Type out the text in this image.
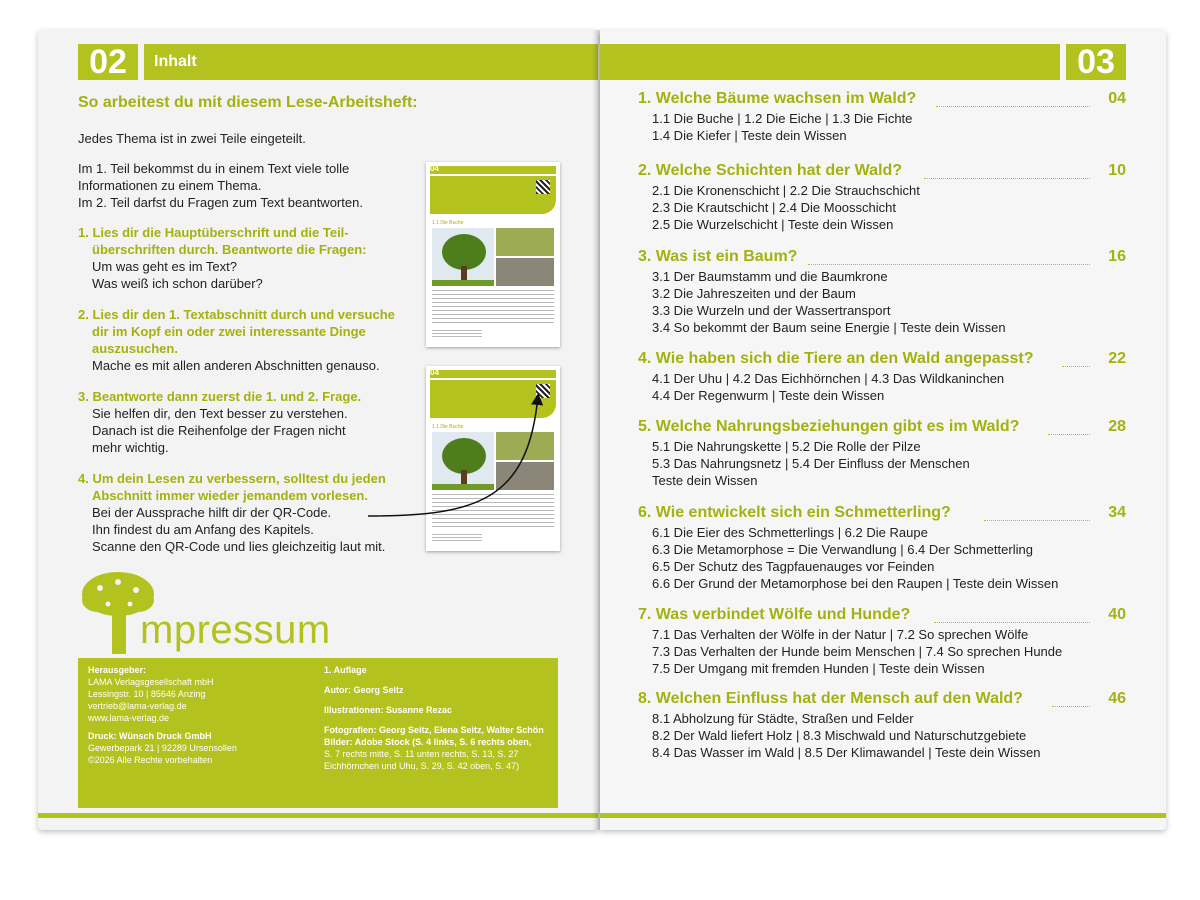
02	Inhalt
So arbeitest du mit diesem Lese-Arbeitsheft:

Jedes Thema ist in zwei Teile eingeteilt.

Im 1. Teil bekommst du in einem Text viele tolle

Informationen zu einem Thema.

Im 2. Teil darfst du Fragen zum Text beantworten.

1. Lies dir die Hauptüberschrift und die Teil-
überschriften durch. Beantworte die Fragen:
Um was geht es im Text?
Was weiß ich schon darüber?
2. Lies dir den 1. Textabschnitt durch und versuche
dir im Kopf ein oder zwei interessante Dinge
auszusuchen.
Mache es mit allen anderen Abschnitten genauso.
3. Beantworte dann zuerst die 1. und 2. Frage.
Sie helfen dir, den Text besser zu verstehen.
Danach ist die Reihenfolge der Fragen nicht
mehr wichtig.
4. Um dein Lesen zu verbessern, solltest du jeden
Abschnitt immer wieder jemandem vorlesen.
Bei der Aussprache hilft dir der QR-Code.
Ihn findest du am Anfang des Kapitels.
Scanne den QR-Code und lies gleichzeitig laut mit.
04
1.1 Die Buche
04
1.1 Die Buche
mpressum
Herausgeber:
LAMA Verlagsgesellschaft mbH
Lessingstr. 10 | 85646 Anzing
vertrieb@lama-verlag.de
www.lama-verlag.de
Druck: Wünsch Druck GmbH
Gewerbepark 21 | 92289 Ursensollen
©2026 Alle Rechte vorbehalten
1. Auflage
Autor: Georg Seitz
Illustrationen: Susanne Rezac
Fotografien: Georg Seitz, Elena Seitz, Walter Schön
Bilder: Adobe Stock (S. 4 links, S. 6 rechts oben,
S. 7 rechts mitte, S. 11 unten rechts, S. 13, S. 27
Eichhörnchen und Uhu, S. 29, S. 42 oben, S. 47)
03
1. Welche Bäume wachsen im Wald?	04
1.1 Die Buche | 1.2 Die Eiche | 1.3 Die Fichte
1.4 Die Kiefer | Teste dein Wissen
2. Welche Schichten hat der Wald?	10
2.1 Die Kronenschicht | 2.2 Die Strauchschicht
2.3 Die Krautschicht | 2.4 Die Moosschicht
2.5 Die Wurzelschicht | Teste dein Wissen
3. Was ist ein Baum?	16
3.1 Der Baumstamm und die Baumkrone
3.2 Die Jahreszeiten und der Baum
3.3 Die Wurzeln und der Wassertransport
3.4 So bekommt der Baum seine Energie | Teste dein Wissen
4. Wie haben sich die Tiere an den Wald angepasst?	22
4.1 Der Uhu | 4.2 Das Eichhörnchen | 4.3 Das Wildkaninchen
4.4 Der Regenwurm | Teste dein Wissen
5. Welche Nahrungsbeziehungen gibt es im Wald?	28
5.1 Die Nahrungskette | 5.2 Die Rolle der Pilze
5.3 Das Nahrungsnetz | 5.4 Der Einfluss der Menschen
Teste dein Wissen
6. Wie entwickelt sich ein Schmetterling?	34
6.1 Die Eier des Schmetterlings | 6.2 Die Raupe
6.3 Die Metamorphose = Die Verwandlung | 6.4 Der Schmetterling
6.5 Der Schutz des Tagpfauenauges vor Feinden
6.6 Der Grund der Metamorphose bei den Raupen | Teste dein Wissen
7. Was verbindet Wölfe und Hunde?	40
7.1 Das Verhalten der Wölfe in der Natur | 7.2 So sprechen Wölfe
7.3 Das Verhalten der Hunde beim Menschen | 7.4 So sprechen Hunde
7.5 Der Umgang mit fremden Hunden | Teste dein Wissen
8. Welchen Einfluss hat der Mensch auf den Wald?	46
8.1 Abholzung für Städte, Straßen und Felder
8.2 Der Wald liefert Holz | 8.3 Mischwald und Naturschutzgebiete
8.4 Das Wasser im Wald | 8.5 Der Klimawandel | Teste dein Wissen
